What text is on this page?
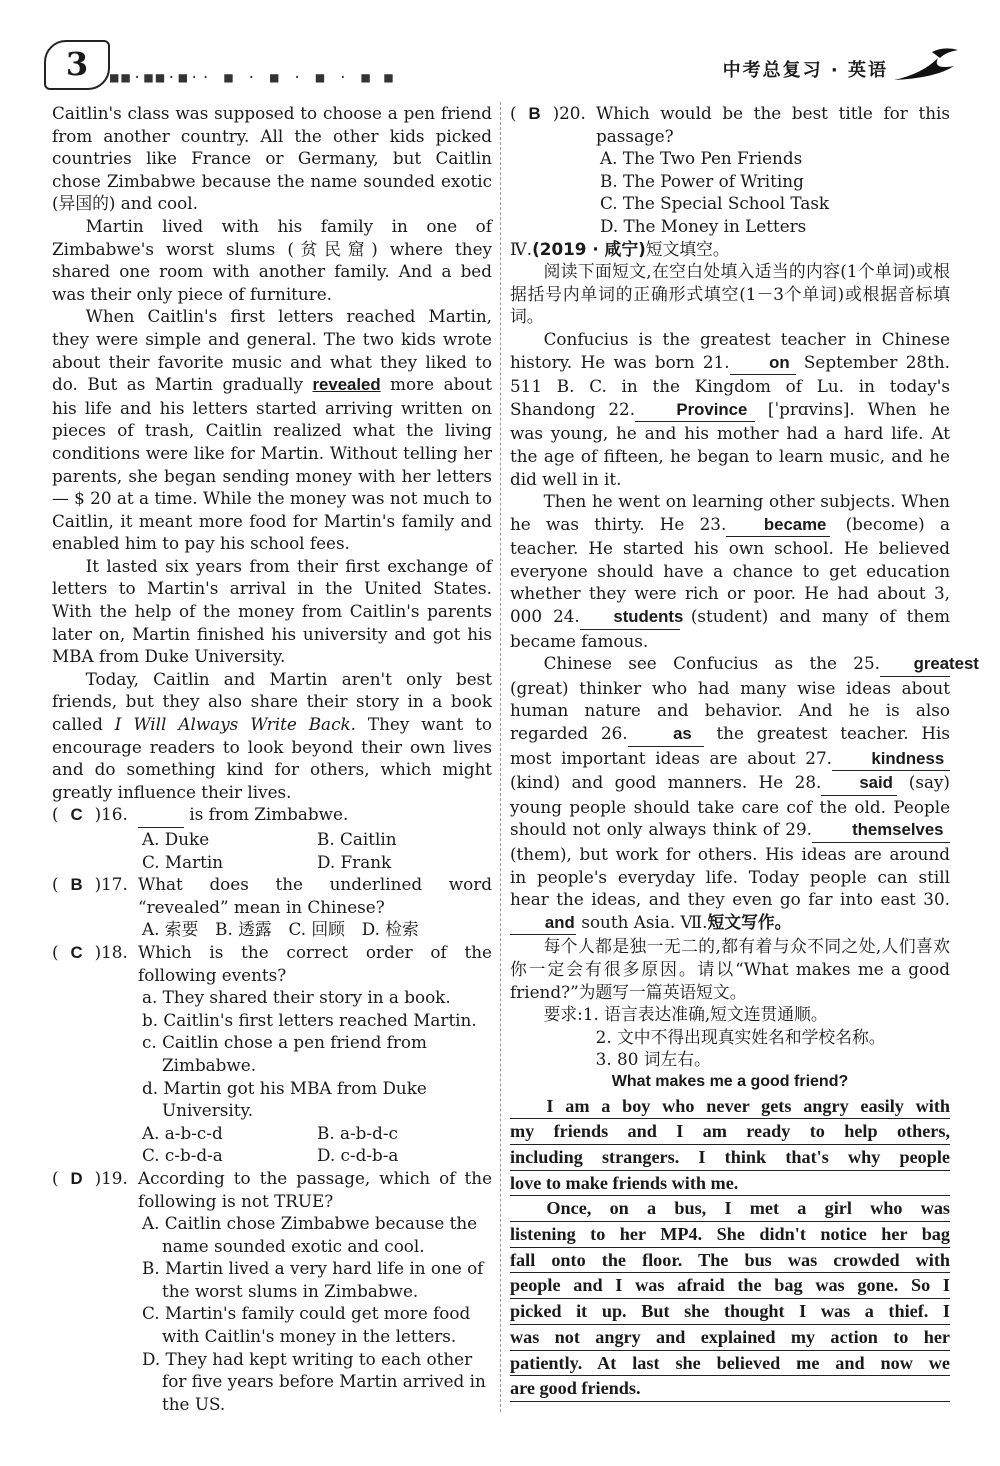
3	■■·■■·■·· ■ · ■ · ■ · ■ ■	中考总复习 · 英语

Caitlin's class was supposed to choose a pen friend from another country. All the other kids picked countries like France or Germany, but Caitlin chose Zimbabwe because the name sounded exotic (异国的) and cool.

Martin lived with his family in one of Zimbabwe's worst slums (贫民窟) where they shared one room with another family. And a bed was their only piece of furniture.

When Caitlin's first letters reached Martin, they were simple and general. The two kids wrote about their favorite music and what they liked to do. But as Martin gradually revealed more about his life and his letters started arriving written on pieces of trash, Caitlin realized what the living conditions were like for Martin. Without telling her parents, she began sending money with her letters— $ 20 at a time. While the money was not much to Caitlin, it meant more food for Martin's family and enabled him to pay his school fees.

It lasted six years from their first exchange of letters to Martin's arrival in the United States. With the help of the money from Caitlin's parents later on, Martin finished his university and got his MBA from Duke University.

Today, Caitlin and Martin aren't only best friends, but they also share their story in a book called I Will Always Write Back. They want to encourage readers to look beyond their own lives and do something kind for others, which might greatly influence their lives.

( C )16.	is from Zimbabwe.
A. Duke	B. Caitlin
C. Martin	D. Frank
( B )17. What does the underlined word “revealed” mean in Chinese?
A. 索要　B. 透露　C. 回顾　D. 检索
( C )18. Which is the correct order of the following events?
a. They shared their story in a book.
b. Caitlin's first letters reached Martin.
c. Caitlin chose a pen friend from Zimbabwe.
d. Martin got his MBA from Duke University.
A. a-b-c-d	B. a-b-d-c
C. c-b-d-a	D. c-d-b-a
( D )19. According to the passage, which of the following is not TRUE?
A. Caitlin chose Zimbabwe because the name sounded exotic and cool.
B. Martin lived a very hard life in one of the worst slums in Zimbabwe.
C. Martin's family could get more food with Caitlin's money in the letters.
D. They had kept writing to each other for five years before Martin arrived in the US.
( B )20. Which would be the best title for this passage?
A. The Two Pen Friends
B. The Power of Writing
C. The Special School Task
D. The Money in Letters

Ⅳ.(2019 · 咸宁)短文填空。

阅读下面短文,在空白处填入适当的内容(1个单词)或根据括号内单词的正确形式填空(1－3个单词)或根据音标填词。

Confucius is the greatest teacher in Chinese history. He was born 21. on September 28th. 511 B. C. in the Kingdom of Lu. in today's Shandong 22. Province [ˈprɑvins]. When he was young, he and his mother had a hard life. At the age of fifteen, he began to learn music, and he did well in it.

Then he went on learning other subjects. When he was thirty. He 23. became (become) a teacher. He started his own school. He believed everyone should have a chance to get education whether they were rich or poor. He had about 3, 000 24. students (student) and many of them became famous.

Chinese see Confucius as the 25. greatest (great) thinker who had many wise ideas about human nature and behavior. And he is also regarded 26.	as the greatest teacher. His most important ideas are about 27. kindness (kind) and good manners. He 28. said (say) young people should take care cof the old. People should not only always think of 29. themselves (them), but work for others. His ideas are around in people's everyday life. Today people can still hear the ideas, and they even go far into east 30.and south Asia. Ⅶ.短文写作。

每个人都是独一无二的,都有着与众不同之处,人们喜欢你一定会有很多原因。请以“What makes me a good friend?”为题写一篇英语短文。

要求:1. 语言表达准确,短文连贯通顺。
2. 文中不得出现真实姓名和学校名称。
3. 80 词左右。
What makes me a good friend?
I am a boy who never gets angry easily with
my friends and I am ready to help others,
including strangers. I think that's why people
love to make friends with me.
Once, on a bus, I met a girl who was
listening to her MP4. She didn't notice her bag
fall onto the floor. The bus was crowded with
people and I was afraid the bag was gone. So I
picked it up. But she thought I was a thief. I
was not angry and explained my action to her
patiently. At last she believed me and now we
are good friends.
